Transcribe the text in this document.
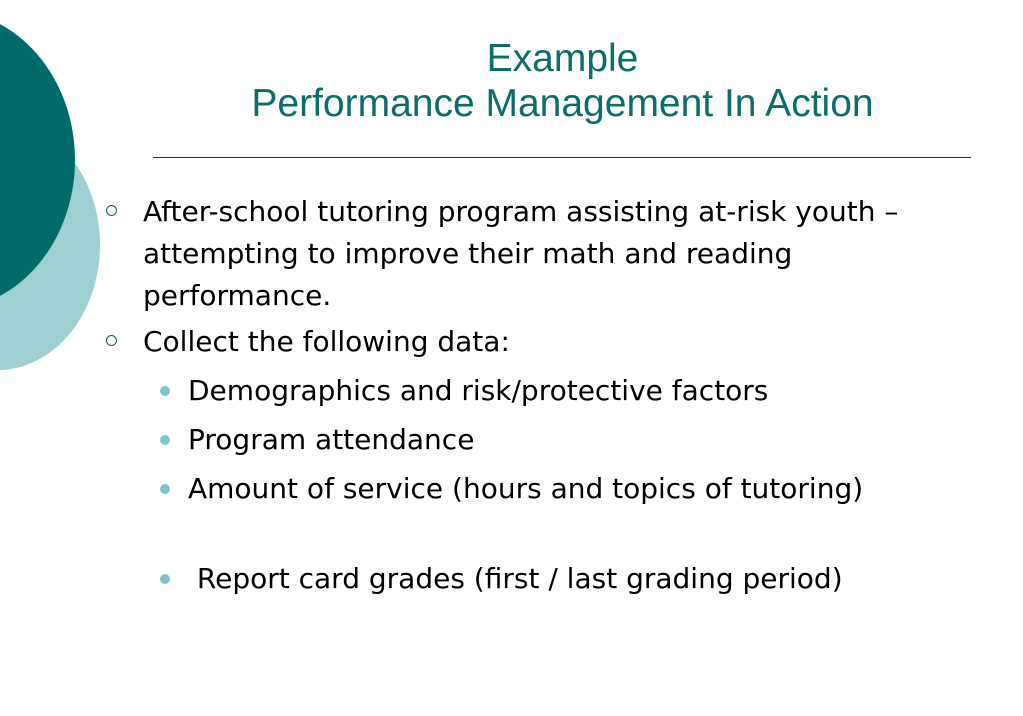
Example
Performance Management In Action
After-school tutoring program assisting at-risk youth – attempting to improve their math and reading performance.
Collect the following data:
Demographics and risk/protective factors
Program attendance
Amount of service (hours and topics of tutoring)
Report card grades (first / last grading period)
